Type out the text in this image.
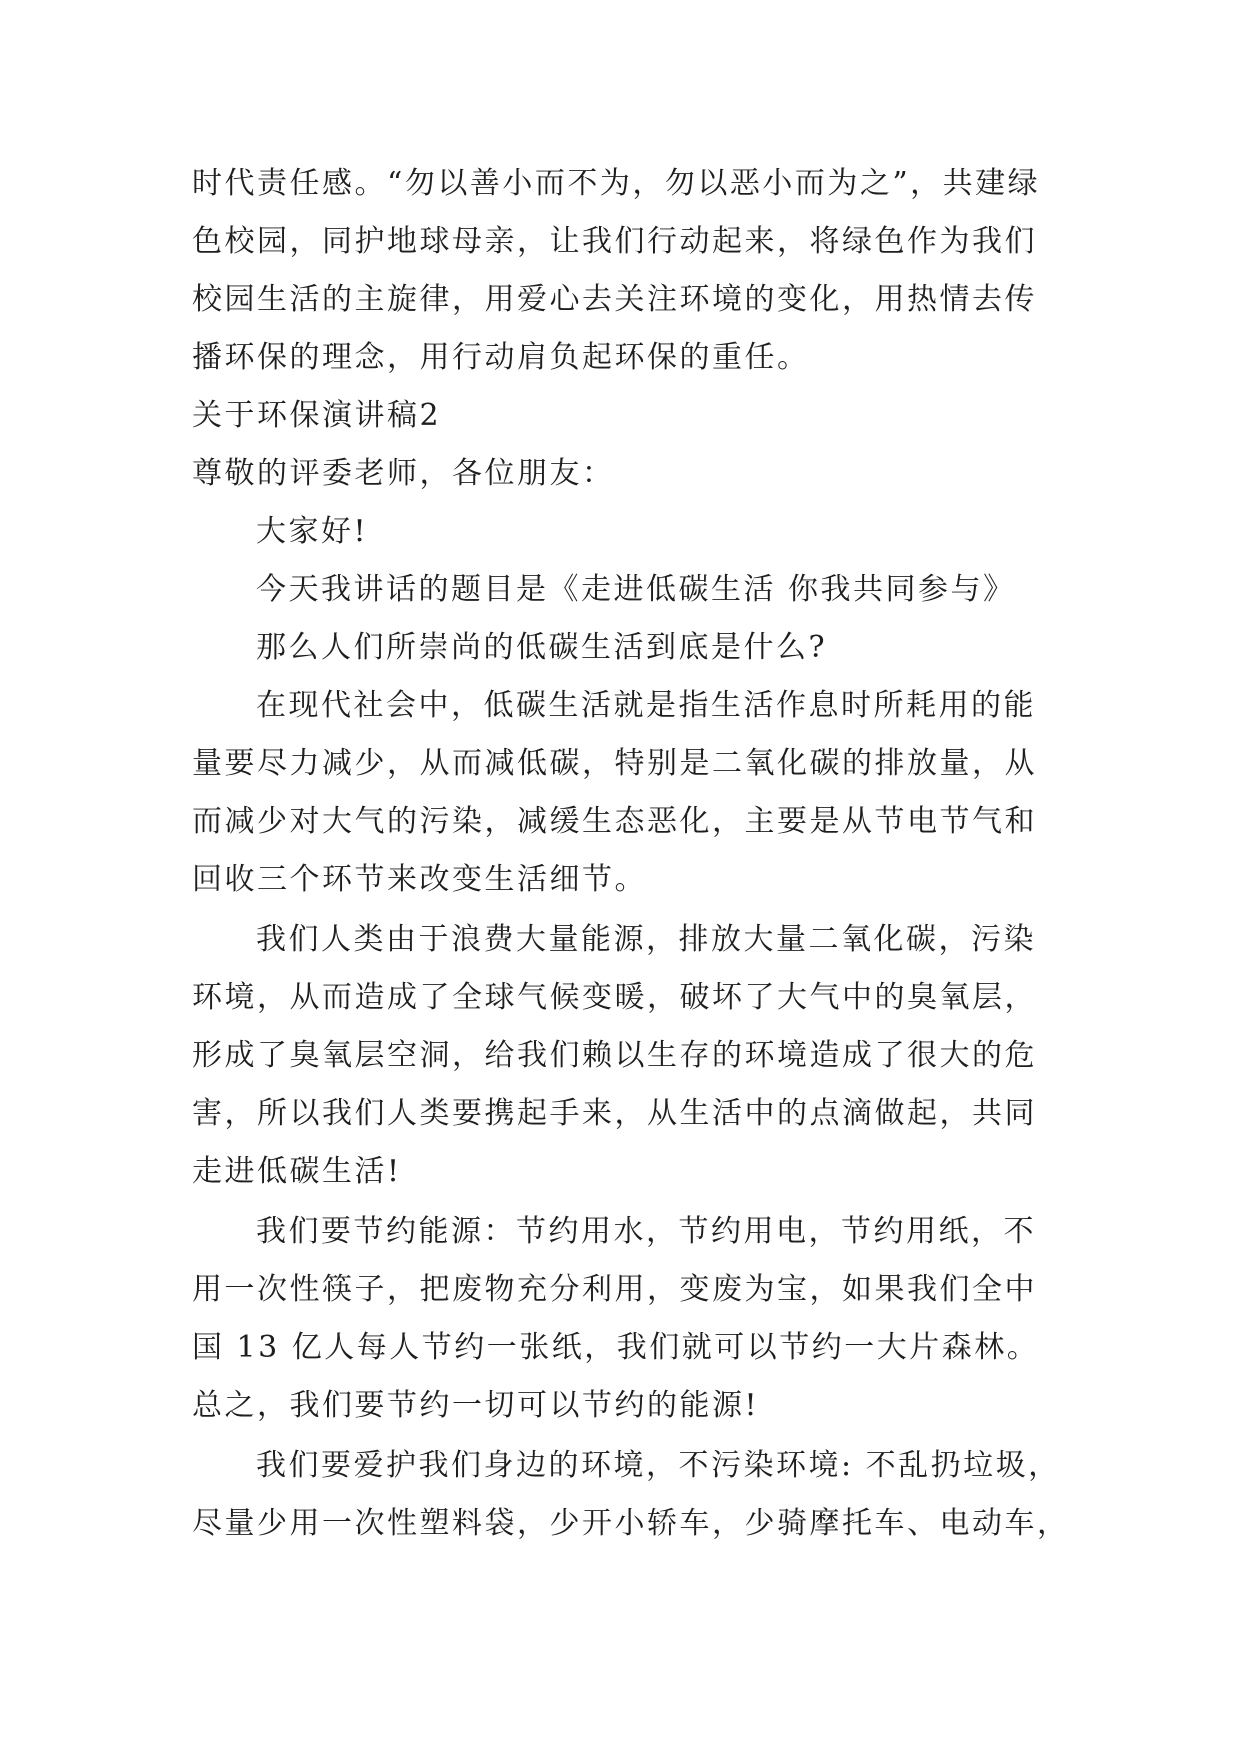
时代责任感。“勿以善小而不为，勿以恶小而为之”，共建绿
色校园，同护地球母亲，让我们行动起来，将绿色作为我们
校园生活的主旋律，用爱心去关注环境的变化，用热情去传
播环保的理念，用行动肩负起环保的重任。
关于环保演讲稿2
尊敬的评委老师，各位朋友：
大家好!
今天我讲话的题目是《走进低碳生活 你我共同参与》
那么人们所崇尚的低碳生活到底是什么?
在现代社会中，低碳生活就是指生活作息时所耗用的能
量要尽力减少，从而减低碳，特别是二氧化碳的排放量，从
而减少对大气的污染，减缓生态恶化，主要是从节电节气和
回收三个环节来改变生活细节。
我们人类由于浪费大量能源，排放大量二氧化碳，污染
环境，从而造成了全球气候变暖，破坏了大气中的臭氧层，
形成了臭氧层空洞，给我们赖以生存的环境造成了很大的危
害，所以我们人类要携起手来，从生活中的点滴做起，共同
走进低碳生活!
我们要节约能源：节约用水，节约用电，节约用纸，不
用一次性筷子，把废物充分利用，变废为宝，如果我们全中
国 13 亿人每人节约一张纸，我们就可以节约一大片森林。
总之，我们要节约一切可以节约的能源!
我们要爱护我们身边的环境，不污染环境: 不乱扔垃圾，
尽量少用一次性塑料袋，少开小轿车，少骑摩托车、电动车，
